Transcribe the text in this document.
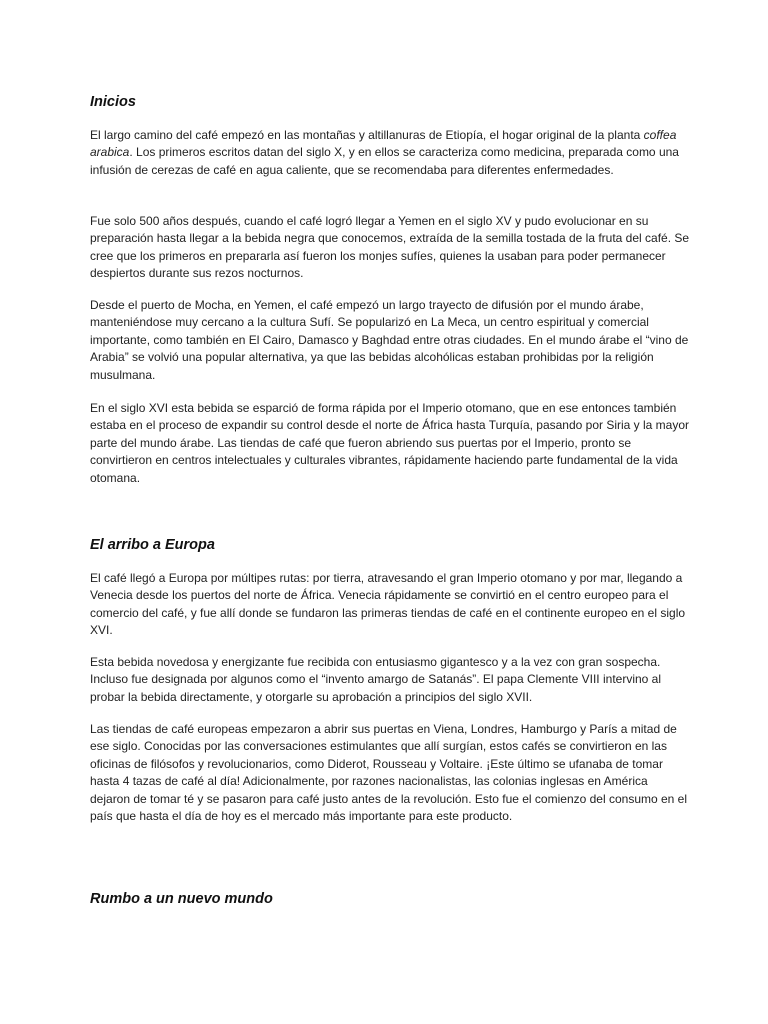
Inicios

El largo camino del café empezó en las montañas y altillanuras de Etiopía, el hogar original de la planta coffea arabica. Los primeros escritos datan del siglo X, y en ellos se caracteriza como medicina, preparada como una infusión de cerezas de café en agua caliente, que se recomendaba para diferentes enfermedades.

Fue solo 500 años después, cuando el café logró llegar a Yemen en el siglo XV y pudo evolucionar en su preparación hasta llegar a la bebida negra que conocemos, extraída de la semilla tostada de la fruta del café. Se cree que los primeros en prepararla así fueron los monjes sufíes, quienes la usaban para poder permanecer despiertos durante sus rezos nocturnos.

Desde el puerto de Mocha, en Yemen, el café empezó un largo trayecto de difusión por el mundo árabe, manteniéndose muy cercano a la cultura Sufí. Se popularizó en La Meca, un centro espiritual y comercial importante, como también en El Cairo, Damasco y Baghdad entre otras ciudades. En el mundo árabe el “vino de Arabia” se volvió una popular alternativa, ya que las bebidas alcohólicas estaban prohibidas por la religión musulmana.

En el siglo XVI esta bebida se esparció de forma rápida por el Imperio otomano, que en ese entonces también estaba en el proceso de expandir su control desde el norte de África hasta Turquía, pasando por Siria y la mayor parte del mundo árabe. Las tiendas de café que fueron abriendo sus puertas por el Imperio, pronto se convirtieron en centros intelectuales y culturales vibrantes, rápidamente haciendo parte fundamental de la vida otomana.

El arribo a Europa

El café llegó a Europa por múltipes rutas: por tierra, atravesando el gran Imperio otomano y por mar, llegando a Venecia desde los puertos del norte de África. Venecia rápidamente se convirtió en el centro europeo para el comercio del café, y fue allí donde se fundaron las primeras tiendas de café en el continente europeo en el siglo XVI.

Esta bebida novedosa y energizante fue recibida con entusiasmo gigantesco y a la vez con gran sospecha. Incluso fue designada por algunos como el “invento amargo de Satanás”. El papa Clemente VIII intervino al probar la bebida directamente, y otorgarle su aprobación a principios del siglo XVII.

Las tiendas de café europeas empezaron a abrir sus puertas en Viena, Londres, Hamburgo y París a mitad de ese siglo. Conocidas por las conversaciones estimulantes que allí surgían, estos cafés se convirtieron en las oficinas de filósofos y revolucionarios, como Diderot, Rousseau y Voltaire. ¡Este último se ufanaba de tomar hasta 4 tazas de café al día! Adicionalmente, por razones nacionalistas, las colonias inglesas en América dejaron de tomar té y se pasaron para café justo antes de la revolución. Esto fue el comienzo del consumo en el país que hasta el día de hoy es el mercado más importante para este producto.

Rumbo a un nuevo mundo
